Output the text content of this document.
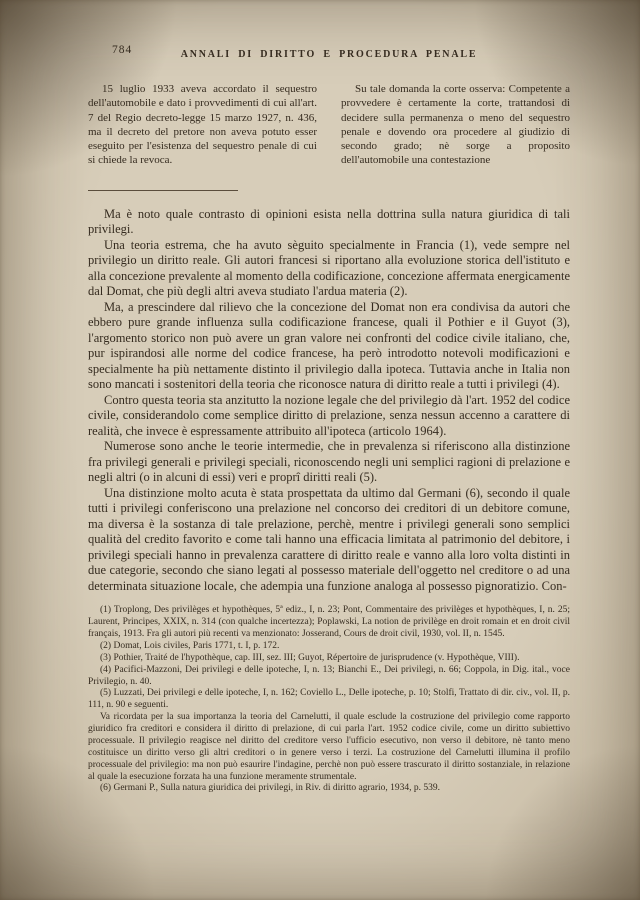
784	ANNALI DI DIRITTO E PROCEDURA PENALE

15 luglio 1933 aveva accordato il sequestro dell'automobile e dato i provvedimenti di cui all'art. 7 del Regio decreto-legge 15 marzo 1927, n. 436, ma il decreto del pretore non aveva potuto esser eseguito per l'esistenza del sequestro penale di cui si chiede la revoca.

Su tale domanda la corte osserva: Competente a provvedere è certamente la corte, trattandosi di decidere sulla permanenza o meno del sequestro penale e dovendo ora procedere al giudizio di secondo grado; nè sorge a proposito dell'automobile una contestazione

Ma è noto quale contrasto di opinioni esista nella dottrina sulla natura giuridica di tali privilegi.

Una teoria estrema, che ha avuto sèguito specialmente in Francia (1), vede sempre nel privilegio un diritto reale. Gli autori francesi si riportano alla evoluzione storica dell'istituto e alla concezione prevalente al momento della codificazione, concezione affermata energicamente dal Domat, che più degli altri aveva studiato l'ardua materia (2).

Ma, a prescindere dal rilievo che la concezione del Domat non era condivisa da autori che ebbero pure grande influenza sulla codificazione francese, quali il Pothier e il Guyot (3), l'argomento storico non può avere un gran valore nei confronti del codice civile italiano, che, pur ispirandosi alle norme del codice francese, ha però introdotto notevoli modificazioni e specialmente ha più nettamente distinto il privilegio dalla ipoteca. Tuttavia anche in Italia non sono mancati i sostenitori della teoria che riconosce natura di diritto reale a tutti i privilegi (4).

Contro questa teoria sta anzitutto la nozione legale che del privilegio dà l'art. 1952 del codice civile, considerandolo come semplice diritto di prelazione, senza nessun accenno a carattere di realità, che invece è espressamente attribuito all'ipoteca (articolo 1964).

Numerose sono anche le teorie intermedie, che in prevalenza si riferiscono alla distinzione fra privilegi generali e privilegi speciali, riconoscendo negli uni semplici ragioni di prelazione e negli altri (o in alcuni di essi) veri e proprî diritti reali (5).

Una distinzione molto acuta è stata prospettata da ultimo dal Germani (6), secondo il quale tutti i privilegi conferiscono una prelazione nel concorso dei creditori di un debitore comune, ma diversa è la sostanza di tale prelazione, perchè, mentre i privilegi generali sono semplici qualità del credito favorito e come tali hanno una efficacia limitata al patrimonio del debitore, i privilegi speciali hanno in prevalenza carattere di diritto reale e vanno alla loro volta distinti in due categorie, secondo che siano legati al possesso materiale dell'oggetto nel creditore o ad una determinata situazione locale, che adempia una funzione analoga al possesso pignoratizio. Con-

(1) Troplong, Des privilèges et hypothèques, 5ª ediz., I, n. 23; Pont, Commentaire des privilèges et hypothèques, I, n. 25; Laurent, Principes, XXIX, n. 314 (con qualche incertezza); Poplawski, La notion de privilège en droit romain et en droit civil français, 1913. Fra gli autori più recenti va menzionato: Josserand, Cours de droit civil, 1930, vol. II, n. 1545.

(2) Domat, Lois civiles, Paris 1771, t. I, p. 172.

(3) Pothier, Traité de l'hypothèque, cap. III, sez. III; Guyot, Répertoire de jurisprudence (v. Hypothèque, VIII).

(4) Pacifici-Mazzoni, Dei privilegi e delle ipoteche, I, n. 13; Bianchi E., Dei privilegi, n. 66; Coppola, in Dig. ital., voce Privilegio, n. 40.

(5) Luzzati, Dei privilegi e delle ipoteche, I, n. 162; Coviello L., Delle ipoteche, p. 10; Stolfi, Trattato di dir. civ., vol. II, p. 111, n. 90 e seguenti.

Va ricordata per la sua importanza la teoria del Carnelutti, il quale esclude la costruzione del privilegio come rapporto giuridico fra creditori e considera il diritto di prelazione, di cui parla l'art. 1952 codice civile, come un diritto subiettivo processuale. Il privilegio reagisce nel diritto del creditore verso l'ufficio esecutivo, non verso il debitore, nè tanto meno costituisce un diritto verso gli altri creditori o in genere verso i terzi. La costruzione del Carnelutti illumina il profilo processuale del privilegio: ma non può esaurire l'indagine, perchè non può essere trascurato il diritto sostanziale, in relazione al quale la esecuzione forzata ha una funzione meramente strumentale.

(6) Germani P., Sulla natura giuridica dei privilegi, in Riv. di diritto agrario, 1934, p. 539.
